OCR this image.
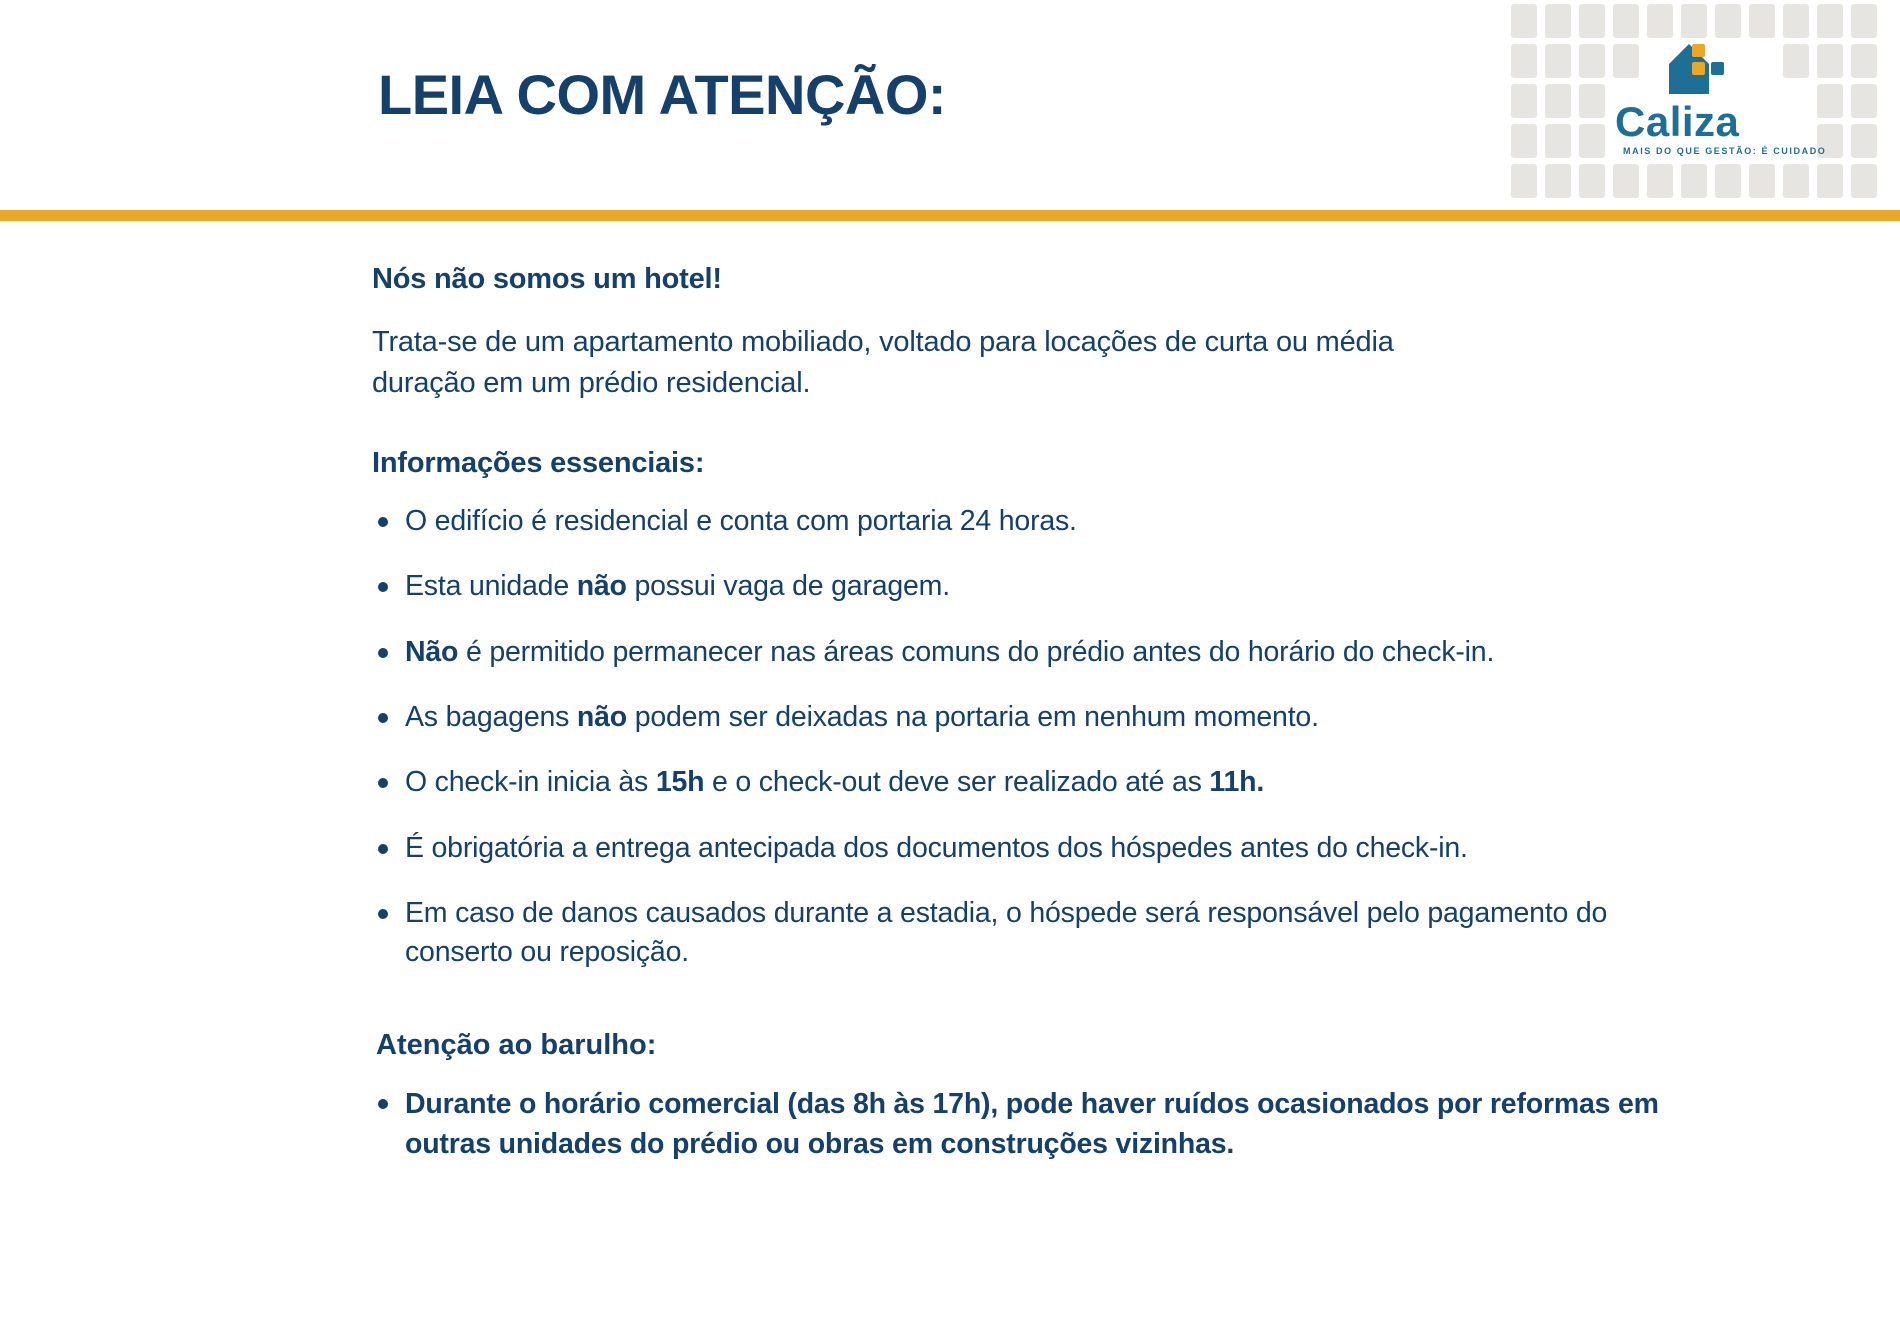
LEIA COM ATENÇÃO:	Caliza
MAIS DO QUE GESTÃO: É CUIDADO
Nós não somos um hotel!
Trata-se de um apartamento mobiliado, voltado para locações de curta ou média duração em um prédio residencial.
Informações essenciais:
O edifício é residencial e conta com portaria 24 horas.
Esta unidade não possui vaga de garagem.
Não é permitido permanecer nas áreas comuns do prédio antes do horário do check-in.
As bagagens não podem ser deixadas na portaria em nenhum momento.
O check-in inicia às 15h e o check-out deve ser realizado até as 11h.
É obrigatória a entrega antecipada dos documentos dos hóspedes antes do check-in.
Em caso de danos causados durante a estadia, o hóspede será responsável pelo pagamento do conserto ou reposição.
Atenção ao barulho:
Durante o horário comercial (das 8h às 17h), pode haver ruídos ocasionados por reformas em outras unidades do prédio ou obras em construções vizinhas.
